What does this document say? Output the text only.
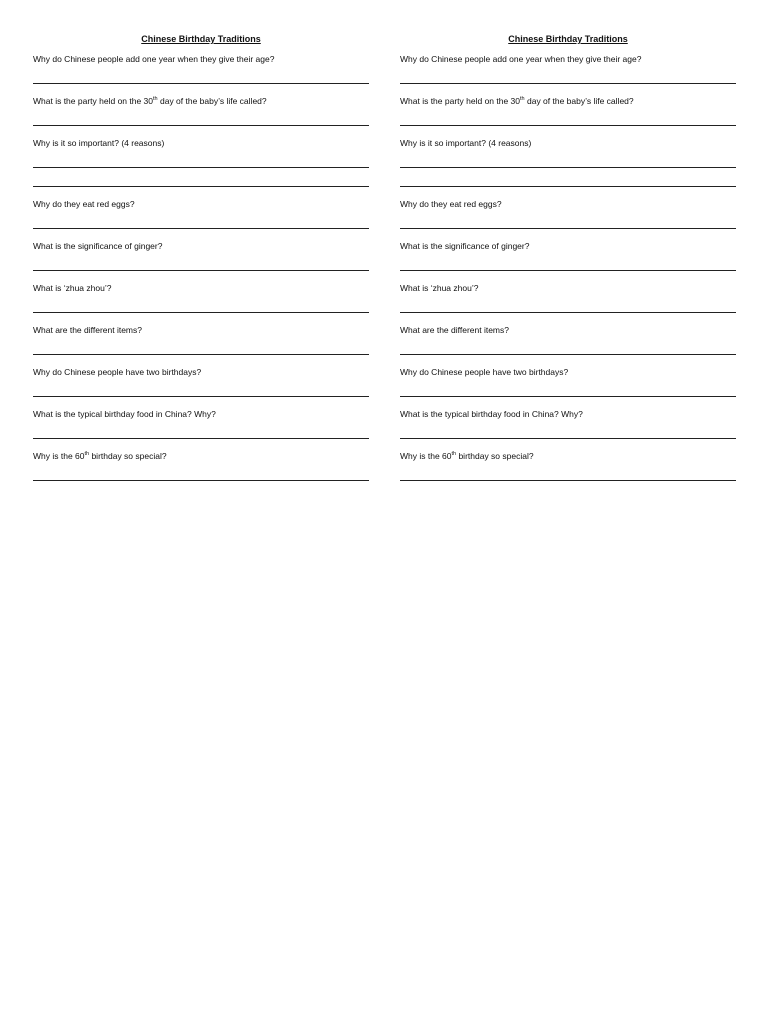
Chinese Birthday Traditions
Why do Chinese people add one year when they give their age?
What is the party held on the 30th day of the baby’s life called?
Why is it so important? (4 reasons)
Why do they eat red eggs?
What is the significance of ginger?
What is ‘zhua zhou’?
What are the different items?
Why do Chinese people have two birthdays?
What is the typical birthday food in China? Why?
Why is the 60th birthday so special?
Chinese Birthday Traditions
Why do Chinese people add one year when they give their age?
What is the party held on the 30th day of the baby’s life called?
Why is it so important? (4 reasons)
Why do they eat red eggs?
What is the significance of ginger?
What is ‘zhua zhou’?
What are the different items?
Why do Chinese people have two birthdays?
What is the typical birthday food in China? Why?
Why is the 60th birthday so special?
